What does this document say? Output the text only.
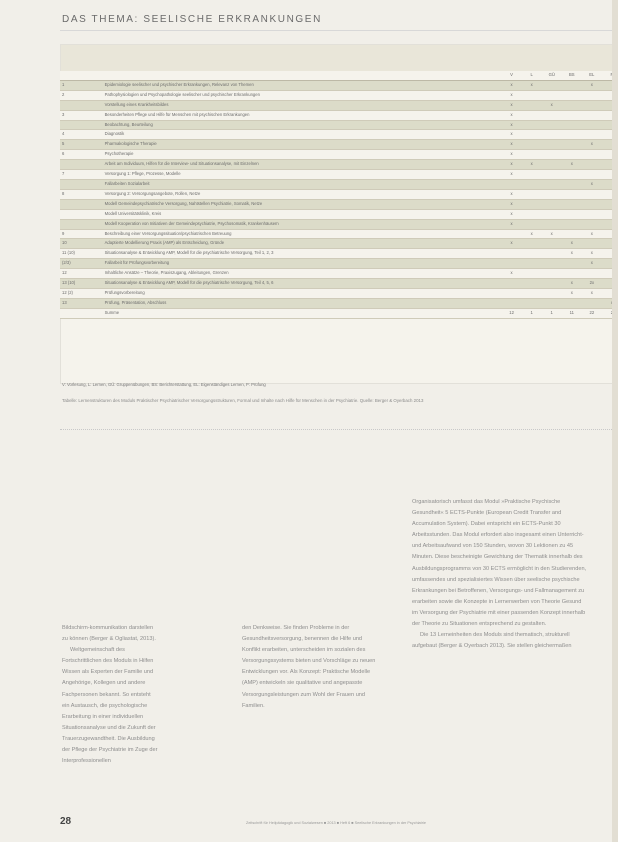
DAS THEMA: SEELISCHE ERKRANKUNGEN
		V	L	GÜ	BS	EL	
1	Epidemiologie seelischer und psychischer Erkrankungen, Relevanz von Themen	x	x			x	
2	Pathophysiologien und Psychopathologie seelischer und psychischer Erkrankungen	x					
	Vorstellung eines Krankheitsbildes	x		x			
3	Besonderheiten Pflege und Hilfe für Menschen mit psychischen Erkrankungen	x					
	Beobachtung, Beurteilung	x					
4	Diagnostik	x					
5	Pharmakologische Therapie	x				x	
6	Psychotherapie	x					
	Arbeit am Individuum, Hilfen für die Interview- und Situationsanalyse, mit Einzelnen	x	x		x		
7	Versorgung 1: Pflege, Prozesse, Modelle	x					
	Fallarbeiten Sozialarbeit					x	
8	Versorgung 2: Versorgungsangebote, Rollen, Netze	x					
	Modell Gemeindepsychiatrische Versorgung, Nahtstellen Psychiatrie, Somatik, Netze	x					
	Modell Universitätsklinik, Kreis	x					
	Modell Kooperation von Initiativen der Gemeindepsychiatrie, Psychosomatik, Krankenhäusern	x					
9	Beschreibung einer Versorgungssituation/psychiatrischen Betreuung		x	x		x	
10	Adaptierte Modellierung Praxis (AMP) als Entscheidung, Gründe	x			x		
11 (10)	Situationsanalyse & Entwicklung AMP, Modell für die psychiatrische Versorgung, Teil 1, 2, 3				x	x	
(2/3)	Fallarbeit für Prüfungsvorbereitung					x	
12	Inhaltliche Ansätze – Theorie, Praxiszugang, Ableitungen, Grenzen	x					
13 (10)	Situationsanalyse & Entwicklung AMP, Modell für die psychiatrische Versorgung, Teil 4, 5, 6				x	2x	
12 (2)	Prüfungsvorbereitung				x	x	
13	Prüfung, Präsentation, Abschluss						
	Summe	12	1	1	11	22	
V: Vorlesung, L: Lernen, GÜ: Gruppenübungen, BS: Berichterstattung, EL: Eigenständiges Lernen, P: Prüfung
Tabelle: Lernenstrukturen des Moduls Praktischer Psychiatrischer Versorgungsstrukturen, Formal und Inhalte nach Hilfe für Menschen in der Psychiatrie. Quelle: Berger & Oyerbach 2013

Bildschirm-kommunikation darstellen zu können (Berger & Ogliastat, 2013).

Weltgemeinschaft des Fortschrittlichen des Moduls in Hilfen Wissen als Experten der Familie und Angehörige, Kollegen und andere Fachpersonen bekannt. So entsteht ein Austausch, die psychologische Erarbeitung in einer individuellen Situationsanalyse und die Zukunft der Trauerzugewandtheit. Die Ausbildung der Pflege der Psychiatrie im Zuge der Interprofessionellen

den Denkweise. Sie finden Probleme in der Gesundheitsversorgung, benennen die Hilfe und Konflikt erarbeiten, unterscheiden im sozialen des Versorgungssystems bieten und Vorschläge zu neuen Entwicklungen vor. Als Konzept: Praktische Modelle (AMP) entwickeln sie qualitative und angepasste Versorgungsleistungen zum Wohl der Frauen und Familien.

Organisatorisch umfasst das Modul »Praktische Psychische Gesundheit« 5 ECTS-Punkte (European Credit Transfer and Accumulation System). Dabei entspricht ein ECTS-Punkt 30 Arbeitsstunden. Das Modul erfordert also insgesamt einen Unterricht- und Arbeitsaufwand von 150 Stunden, wovon 30 Lektionen zu 45 Minuten. Diese bescheinigte Gewichtung der Thematik innerhalb des Ausbildungsprogramms von 30 ECTS ermöglicht in den Studierenden, umfassendes und spezialisiertes Wissen über seelische psychische Erkrankungen bei Betroffenen, Versorgungs- und Fallmanagement zu erarbeiten sowie die Konzepte in Lernerwerben von Theorie Gesund im Versorgung der Psychiatrie mit einer passenden Konzept innerhalb der Theorie zu Situationen entsprechend zu gestalten.

Die 13 Lerneinheiten des Moduls sind thematisch, strukturell aufgebaut (Berger & Oyerbach 2013). Sie stellen gleichermaßen

28	Zeitschrift für Heilpädagogik und Sozialwesen ■ 2013 ■ Heft 6 ■ Seelische Erkrankungen in der Psychiatrie
